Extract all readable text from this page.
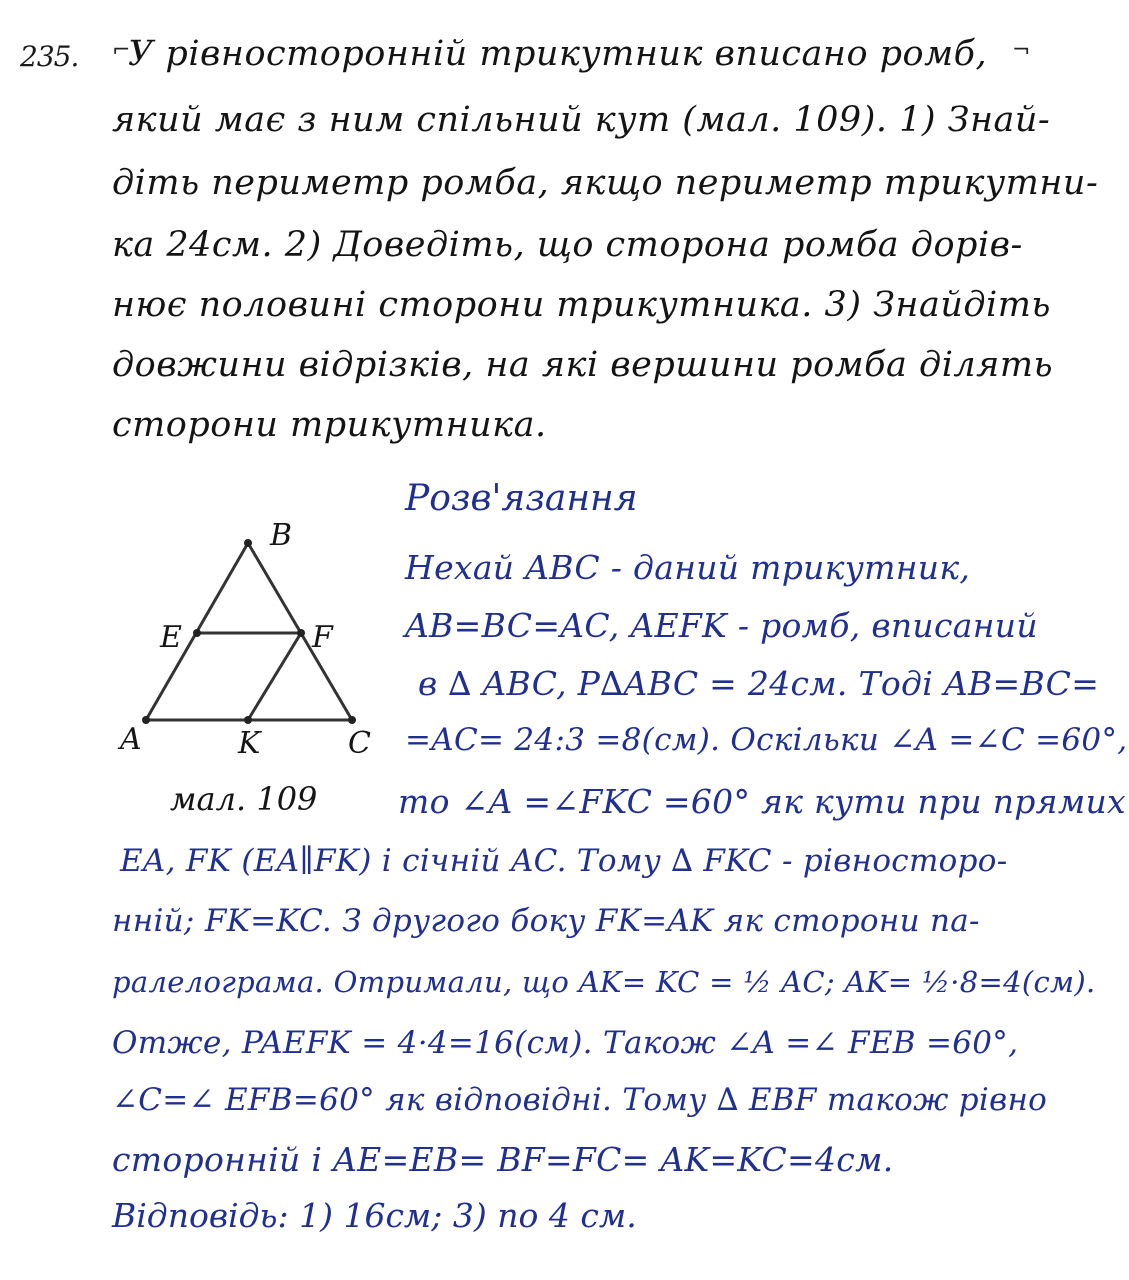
⌐	¬
235. У рівносторонній трикутник вписано ромб,
який має з ним спільний кут (мал. 109). 1) Знай-
діть периметр ромба, якщо периметр трикутни-
ка 24см. 2) Доведіть, що сторона ромба дорів-
нює половині сторони трикутника. 3) Знайдіть
довжини відрізків, на які вершини ромба ділять
сторони трикутника.
B
E	F
A	K	C
мал. 109
Розв'язання
Нехай ABC - даний трикутник,
AB=BC=AC, AEFK - ромб, вписаний
в ∆ ABC, P∆ABC = 24см. Тоді AB=BC=
=AC= 24:3 =8(см). Оскільки ∠A =∠C =60°,
то ∠A =∠FKC =60° як кути при прямих
EA, FK (EA∥FK) і січній AC. Тому ∆ FKC - рівносторо-
нній; FK=KC. З другого боку FK=AK як сторони па-
ралелограма. Отримали, що AK= KC = ½ AC; AK= ½·8=4(см).
Отже, PAEFK = 4·4=16(см). Також ∠A =∠ FEB =60°,
∠C=∠ EFB=60° як відповідні. Тому ∆ EBF також рівно
сторонній і AE=EB= BF=FC= AK=KC=4см.
Відповідь: 1) 16см; 3) по 4 см.
